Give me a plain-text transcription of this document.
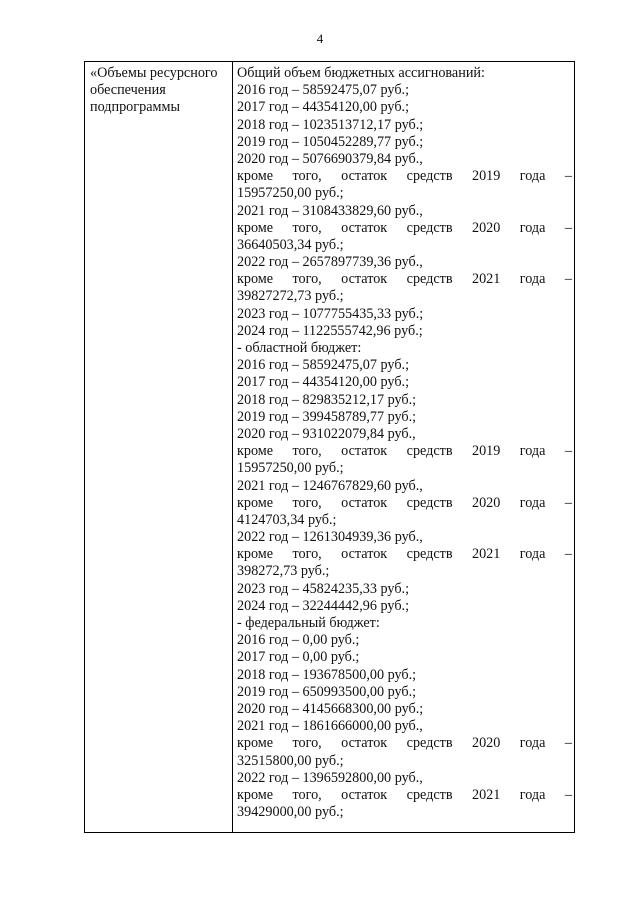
4
«Объемы ресурсного
обеспечения
подпрограммы
Общий объем бюджетных ассигнований:
2016 год – 58592475,07 руб.;
2017 год – 44354120,00 руб.;
2018 год – 1023513712,17 руб.;
2019 год – 1050452289,77 руб.;
2020 год – 5076690379,84 руб.,
кроме того, остаток средств 2019 года –
15957250,00 руб.;
2021 год – 3108433829,60 руб.,
кроме того, остаток средств 2020 года –
36640503,34 руб.;
2022 год – 2657897739,36 руб.,
кроме того, остаток средств 2021 года –
39827272,73 руб.;
2023 год – 1077755435,33 руб.;
2024 год – 1122555742,96 руб.;
- областной бюджет:
2016 год – 58592475,07 руб.;
2017 год – 44354120,00 руб.;
2018 год – 829835212,17 руб.;
2019 год – 399458789,77 руб.;
2020 год – 931022079,84 руб.,
кроме того, остаток средств 2019 года –
15957250,00 руб.;
2021 год – 1246767829,60 руб.,
кроме того, остаток средств 2020 года –
4124703,34 руб.;
2022 год – 1261304939,36 руб.,
кроме того, остаток средств 2021 года –
398272,73 руб.;
2023 год – 45824235,33 руб.;
2024 год – 32244442,96 руб.;
- федеральный бюджет:
2016 год – 0,00 руб.;
2017 год – 0,00 руб.;
2018 год – 193678500,00 руб.;
2019 год – 650993500,00 руб.;
2020 год – 4145668300,00 руб.;
2021 год – 1861666000,00 руб.,
кроме того, остаток средств 2020 года –
32515800,00 руб.;
2022 год – 1396592800,00 руб.,
кроме того, остаток средств 2021 года –
39429000,00 руб.;
